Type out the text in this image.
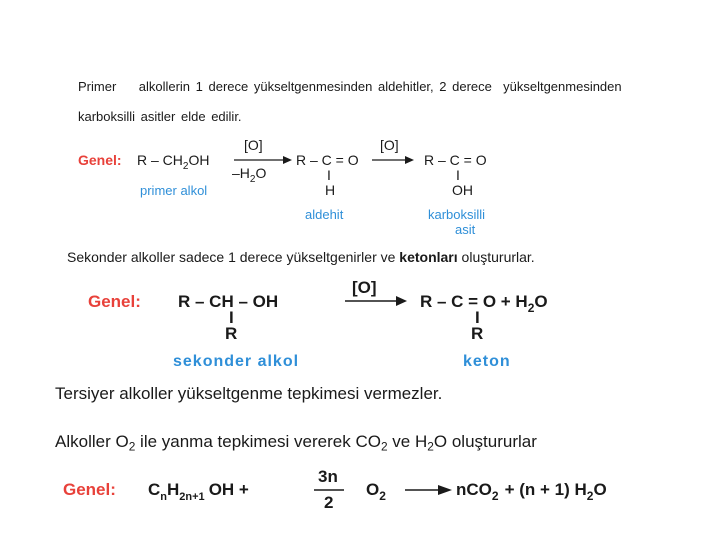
Primer alkollerin 1 derece yükseltgenmesinden aldehitler, 2 derece yükseltgenmesinden
karboksilli asitler elde edilir.
Genel: R – $CH_2OH$
[O]
$-H_2O$
R – C = O
I
H
[O]
R – C = O
I
OH
primer alkol
aldehit	karboksilli
asit
Sekonder alkoller sadece 1 derece yükseltgenirler ve ketonları oluştururlar.
Genel: R – CH – OH
I
R
[O]
$R - C = O + H_2O$
I
R
sekonder alkol	keton
Tersiyer alkoller yükseltgenme tepkimesi vermezler.
Alkoller $O_2$ ile yanma tepkimesi vererek $CO_2$ ve $H_2O$ oluştururlar
Genel: $C_nH_{2n+1}$ OH +
3n
2
$O_2$	nCO$_2$ + (n + 1) $H_2O$
